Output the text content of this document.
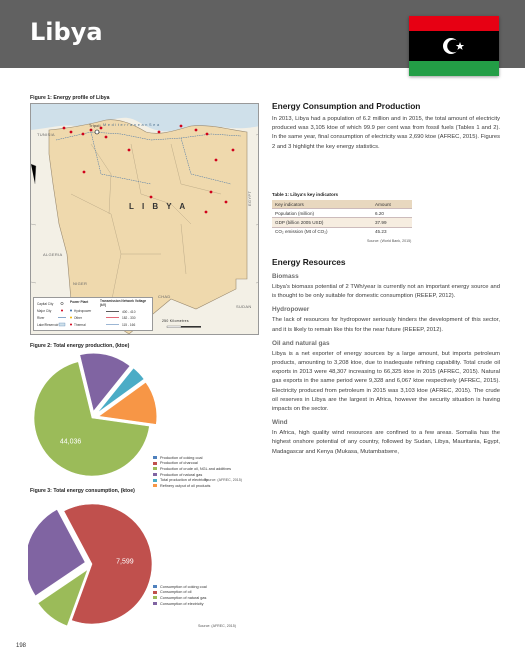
Libya
Figure 1: Energy profile of Libya
M e d i t e r r a n e a n S e a
TUNISIA
Tripoli
L I B Y A
ALGERIA
NIGER
CHAD
SUDAN
EGYPT
250 Kilometres
Capital City
Major City
River
Lake/Reservoir
Power Plant
Hydropower
Other
Thermal
Transmission Network Voltage (kV)
400 - 410
182 - 330
115 - 166
Figure 2: Total energy production, (ktoe)
44,036
Production of coking coal
Production of charcoal
Production of crude oil, NGL and additives
Production of natural gas
Total production of electricity
Refinery output of oil products
Source: (AFREC, 2015)
Figure 3: Total energy consumption, (ktoe)
7,599
Consumption of coking coal
Consumption of oil
Consumption of natural gas
Consumption of electricity
Source: (AFREC, 2015)
Energy Consumption and Production
In 2013, Libya had a population of 6.2 million and in 2015, the total amount of electricity produced was 3,105 ktoe of which 99.9 per cent was from fossil fuels (Tables 1 and 2). In the same year, final consumption of electricity was 2,690 ktoe (AFREC, 2015). Figures 2 and 3 highlight the key energy statistics.
Table 1: Libya's key indicators
Key indicators	Amount
Population (million)	6.20
GDP (billion 2005 USD)	37.99
CO₂ emission (Mt of CO₂)	45.23
Source: (World Bank, 2015)
Energy Resources
Biomass
Libya's biomass potential of 2 TWh/year is currently not an important energy source and is thought to be only suitable for domestic consumption (REEEP, 2012).
Hydropower
The lack of resources for hydropower seriously hinders the development of this sector, and it is likely to remain like this for the near future (REEEP, 2012).
Oil and natural gas
Libya is a net exporter of energy sources by a large amount, but imports petroleum products, amounting to 3,208 ktoe, due to inadequate refining capability. Total crude oil exports in 2013 were 48,307 increasing to 66,325 ktoe in 2015 (AFREC, 2015). Natural gas exports in the same period were 9,328 and 6,067 ktoe respectively (AFREC, 2015). Electricity produced from petroleum in 2015 was 3,103 ktoe (AFREC, 2015). The crude oil reserves in Libya are the largest in Africa, however the security situation is having impacts on the sector.
Wind
In Africa, high quality wind resources are confined to a few areas. Somalia has the highest onshore potential of any country, followed by Sudan, Libya, Mauritania, Egypt, Madagascar and Kenya (Mukasa, Mutambatsere,
198
